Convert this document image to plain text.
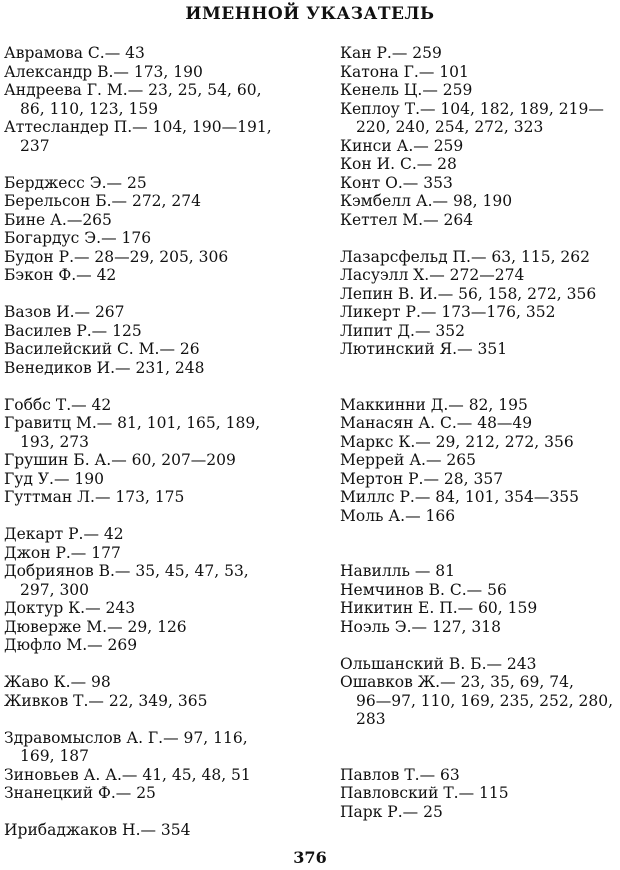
ИМЕННОЙ УКАЗАТЕЛЬ
Аврамова С.— 43
Александр В.— 173, 190
Андреева Г. М.— 23, 25, 54, 60,
86, 110, 123, 159
Аттесландер П.— 104, 190—191,
237
Берджесс Э.— 25
Берельсон Б.— 272, 274
Бине А.—265
Богардус Э.— 176
Будон Р.— 28—29, 205, 306
Бэкон Ф.— 42
Вазов И.— 267
Василев Р.— 125
Василейский С. М.— 26
Венедиков И.— 231, 248
Гоббс Т.— 42
Гравитц М.— 81, 101, 165, 189,
193, 273
Грушин Б. А.— 60, 207—209
Гуд У.— 190
Гуттман Л.— 173, 175
Декарт Р.— 42
Джон Р.— 177
Добриянов В.— 35, 45, 47, 53,
297, 300
Доктур К.— 243
Дюверже М.— 29, 126
Дюфло М.— 269
Жаво К.— 98
Живков Т.— 22, 349, 365
Здравомыслов А. Г.— 97, 116,
169, 187
Зиновьев А. А.— 41, 45, 48, 51
Знанецкий Ф.— 25
Ирибаджаков Н.— 354
Кан Р.— 259
Катона Г.— 101
Кенель Ц.— 259
Кеплоу Т.— 104, 182, 189, 219—
220, 240, 254, 272, 323
Кинси А.— 259
Кон И. С.— 28
Конт О.— 353
Кэмбелл А.— 98, 190
Кеттел М.— 264
Лазарсфельд П.— 63, 115, 262
Ласуэлл Х.— 272—274
Лепин В. И.— 56, 158, 272, 356
Ликерт Р.— 173—176, 352
Липит Д.— 352
Лютинский Я.— 351
Маккинни Д.— 82, 195
Манасян А. С.— 48—49
Маркс К.— 29, 212, 272, 356
Меррей А.— 265
Мертон Р.— 28, 357
Миллс Р.— 84, 101, 354—355
Моль А.— 166
Навилль — 81
Немчинов В. С.— 56
Никитин Е. П.— 60, 159
Ноэль Э.— 127, 318
Ольшанский В. Б.— 243
Ошавков Ж.— 23, 35, 69, 74,
96—97, 110, 169, 235, 252, 280,
283
Павлов Т.— 63
Павловский Т.— 115
Парк Р.— 25
376
